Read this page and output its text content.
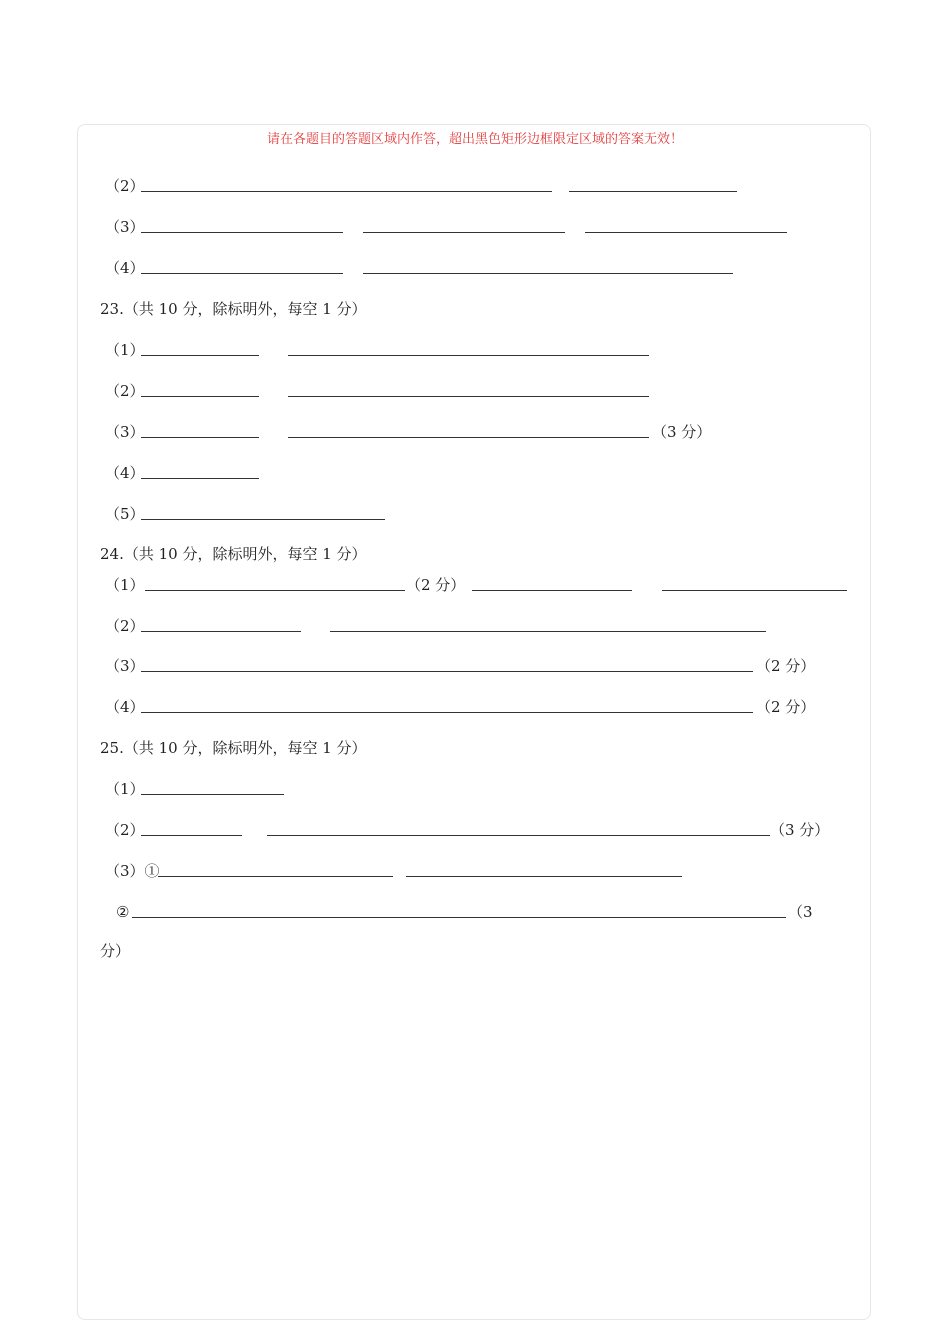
请在各题目的答题区域内作答，超出黑色矩形边框限定区域的答案无效！
（2）
（3）
（4）
23.（共 10 分，除标明外，每空 1 分）
（1）
（2）
（3）	（3 分）
（4）
（5）
24.（共 10 分，除标明外，每空 1 分）
（1）	（2 分）
（2）
（3）	（2 分）
（4）	（2 分）
25.（共 10 分，除标明外，每空 1 分）
（1）
（2）	（3 分）
（3）①
②	（3
分）
